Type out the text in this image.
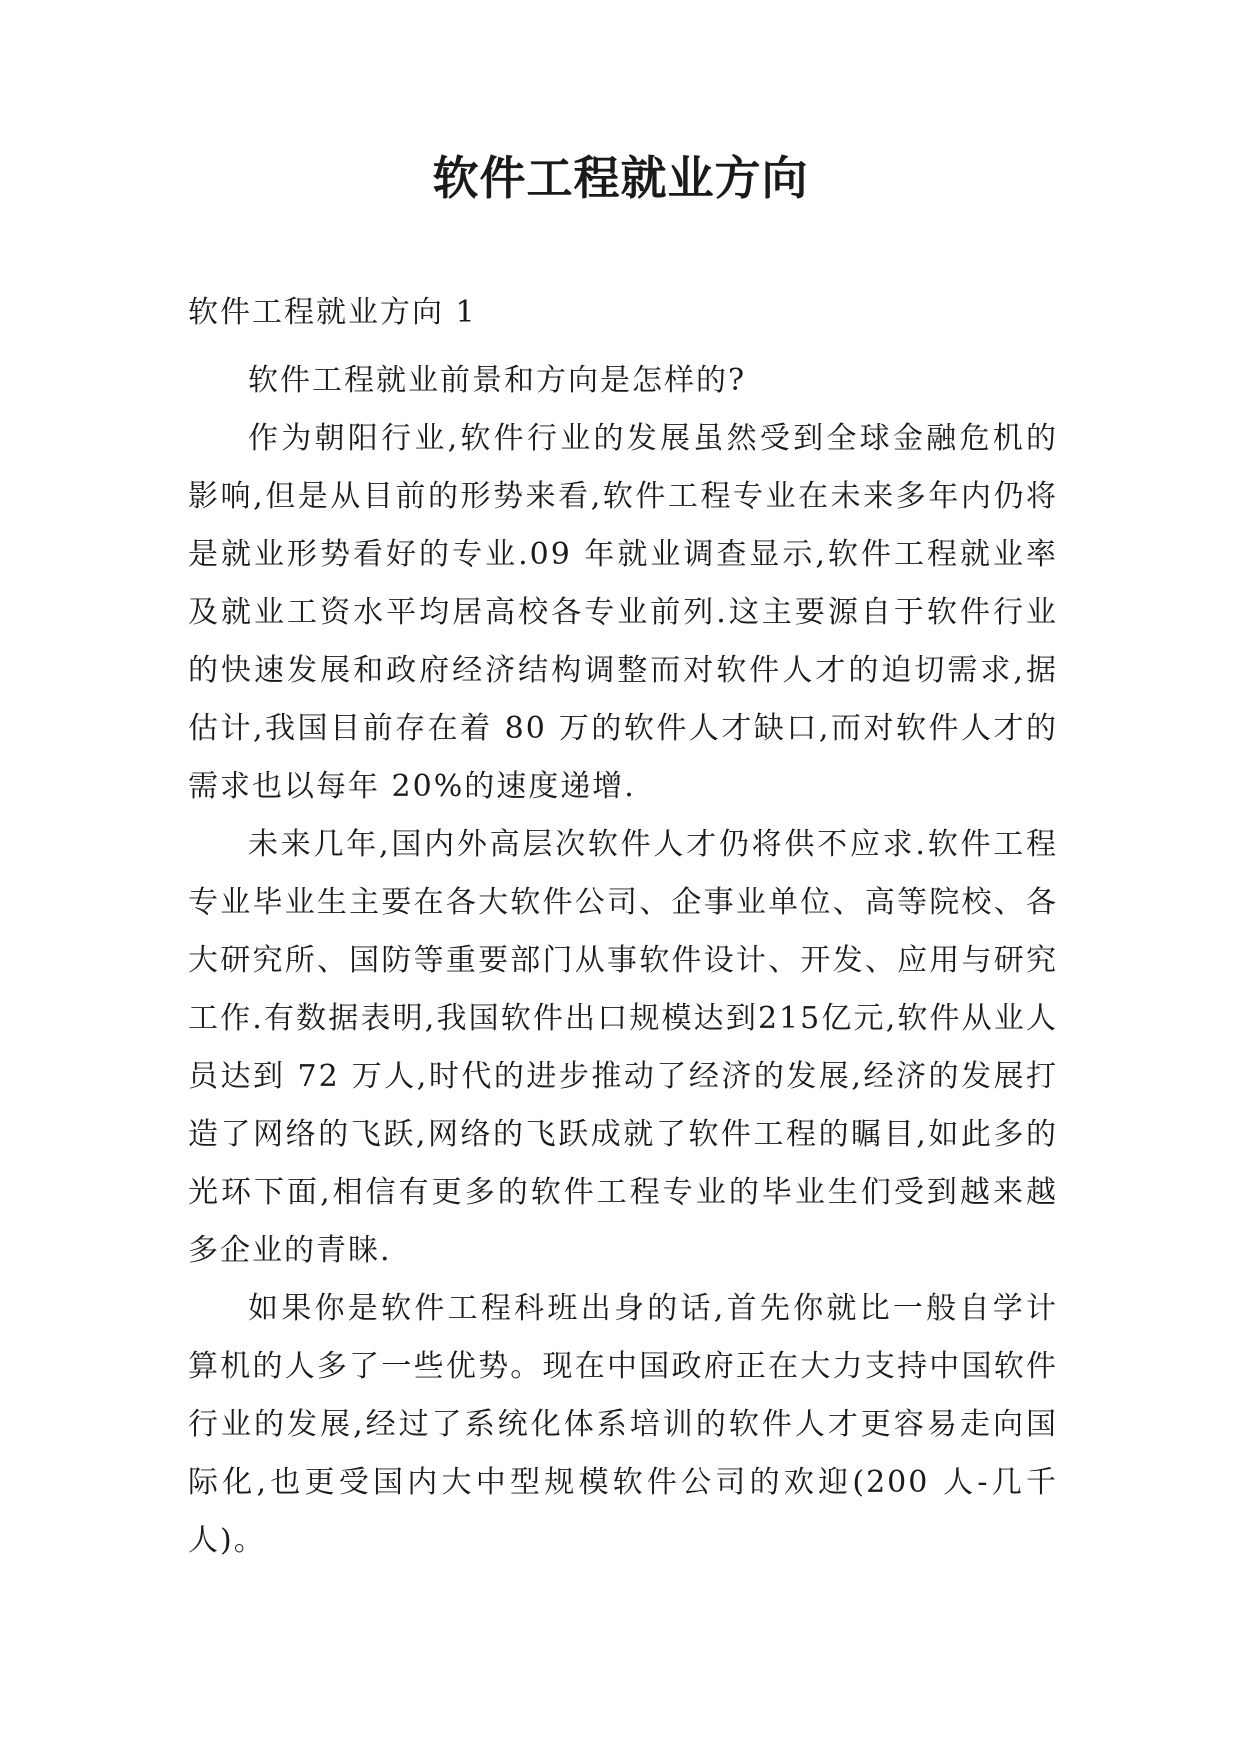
软件工程就业方向

软件工程就业方向 1

软件工程就业前景和方向是怎样的?

作为朝阳行业,软件行业的发展虽然受到全球金融危机的影响,但是从目前的形势来看,软件工程专业在未来多年内仍将是就业形势看好的专业.09 年就业调查显示,软件工程就业率及就业工资水平均居高校各专业前列.这主要源自于软件行业的快速发展和政府经济结构调整而对软件人才的迫切需求,据估计,我国目前存在着 80 万的软件人才缺口,而对软件人才的需求也以每年 20%的速度递增.

未来几年,国内外高层次软件人才仍将供不应求.软件工程专业毕业生主要在各大软件公司、企事业单位、高等院校、各大研究所、国防等重要部门从事软件设计、开发、应用与研究工作.有数据表明,我国软件出口规模达到215亿元,软件从业人员达到 72 万人,时代的进步推动了经济的发展,经济的发展打造了网络的飞跃,网络的飞跃成就了软件工程的瞩目,如此多的光环下面,相信有更多的软件工程专业的毕业生们受到越来越多企业的青睐.

如果你是软件工程科班出身的话,首先你就比一般自学计算机的人多了一些优势。现在中国政府正在大力支持中国软件行业的发展,经过了系统化体系培训的软件人才更容易走向国际化,也更受国内大中型规模软件公司的欢迎(200 人-几千人)。
